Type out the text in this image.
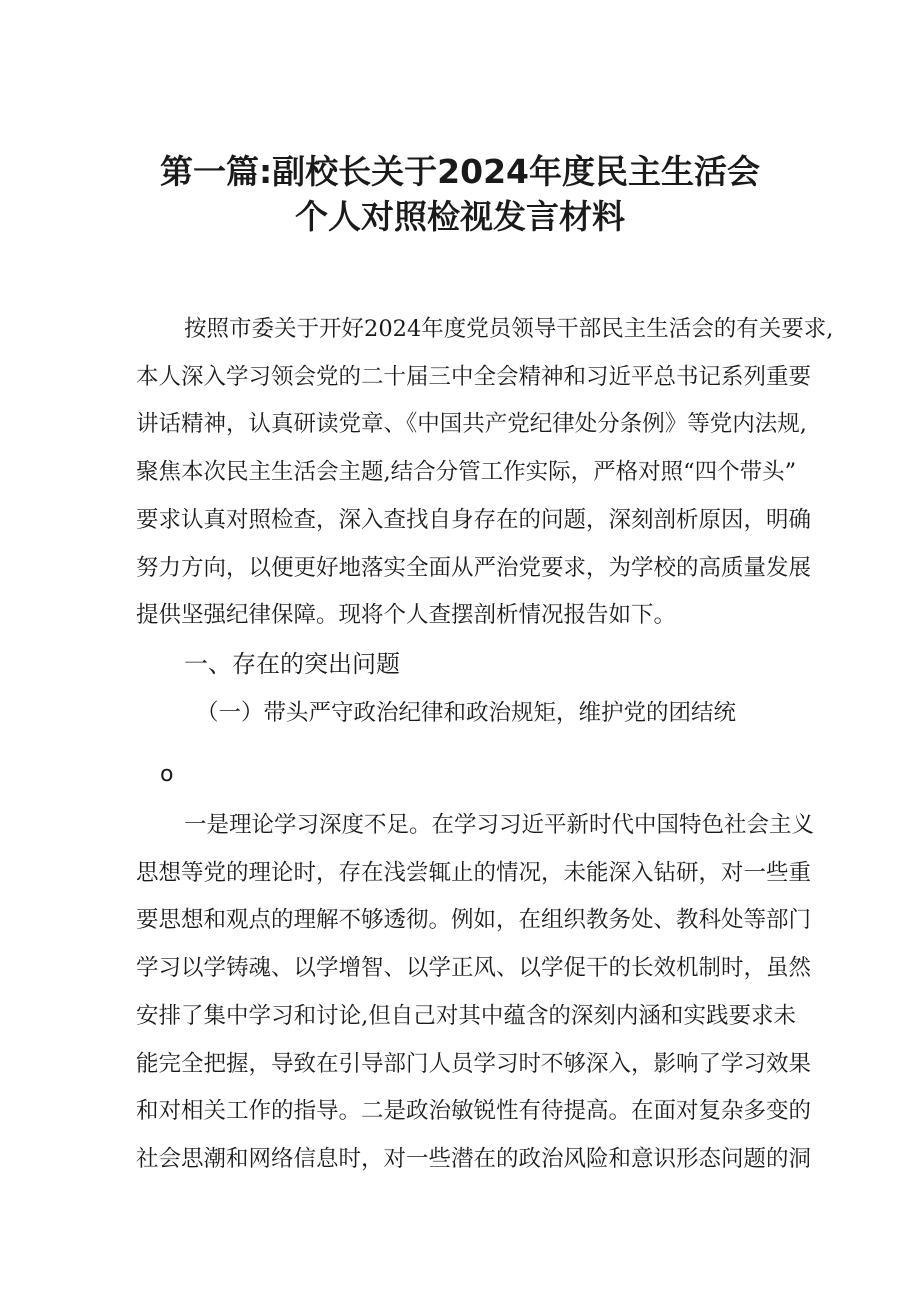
第一篇:副校长关于2024年度民主生活会
个人对照检视发言材料
按照市委关于开好2024年度党员领导干部民主生活会的有关要求,
本人深入学习领会党的二十届三中全会精神和习近平总书记系列重要
讲话精神，认真研读党章、《中国共产党纪律处分条例》等党内法规,
聚焦本次民主生活会主题,结合分管工作实际，严格对照“四个带头”
要求认真对照检查，深入查找自身存在的问题，深刻剖析原因，明确
努力方向，以便更好地落实全面从严治党要求，为学校的高质量发展
提供坚强纪律保障。现将个人查摆剖析情况报告如下。
一、存在的突出问题
（一）带头严守政治纪律和政治规矩，维护党的团结统
o
一是理论学习深度不足。在学习习近平新时代中国特色社会主义
思想等党的理论时，存在浅尝辄止的情况，未能深入钻研，对一些重
要思想和观点的理解不够透彻。例如，在组织教务处、教科处等部门
学习以学铸魂、以学增智、以学正风、以学促干的长效机制时，虽然
安排了集中学习和讨论,但自己对其中蕴含的深刻内涵和实践要求未
能完全把握，导致在引导部门人员学习时不够深入，影响了学习效果
和对相关工作的指导。二是政治敏锐性有待提高。在面对复杂多变的
社会思潮和网络信息时，对一些潜在的政治风险和意识形态问题的洞
